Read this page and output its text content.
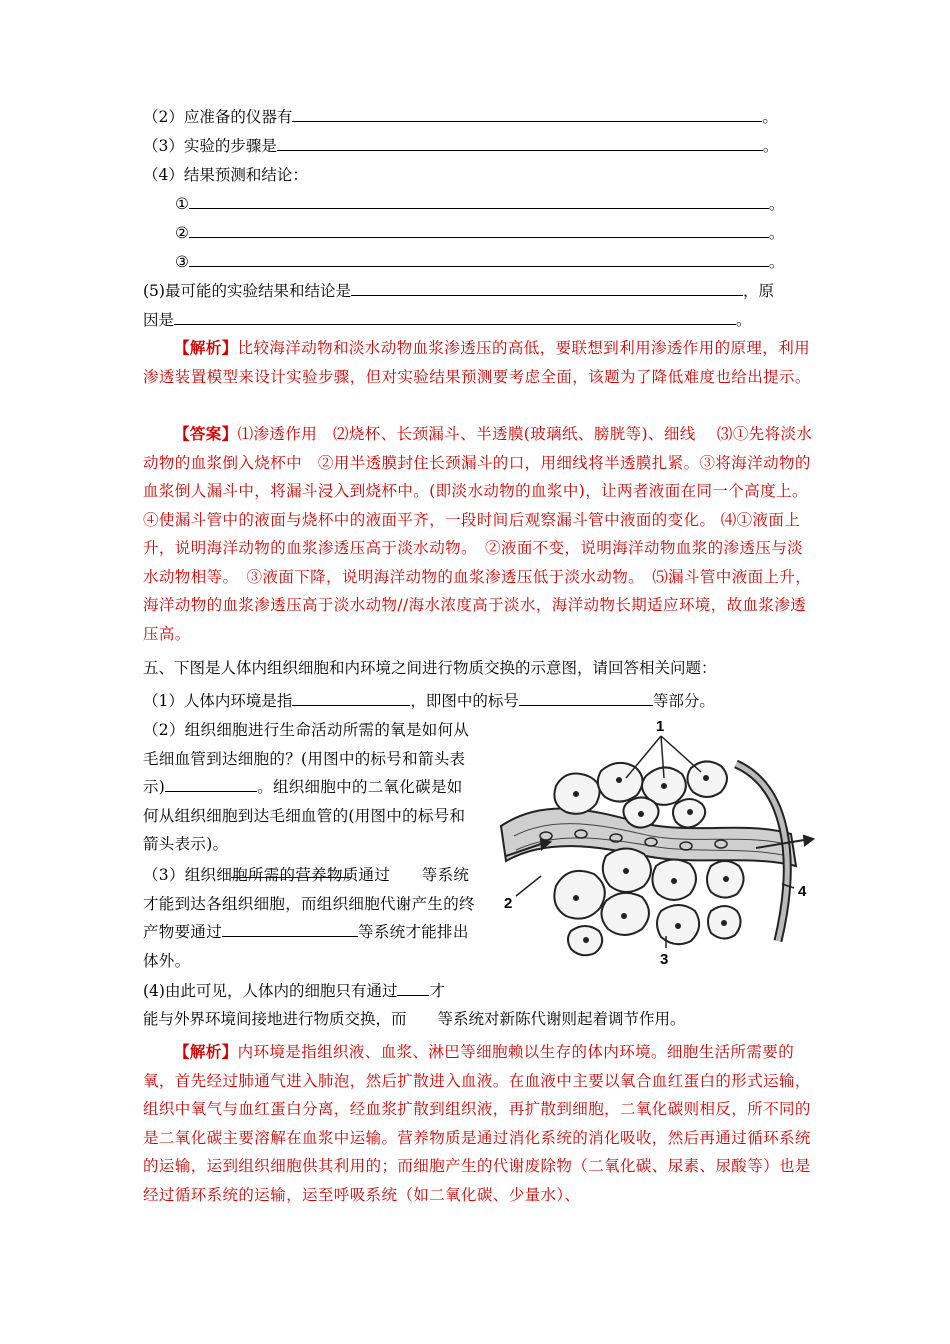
（2）应准备的仪器有	。
（3）实验的步骤是	。
（4）结果预测和结论：
①	。
②	。
③	。
(5)最可能的实验结果和结论是	，原
因是	。
【解析】比较海洋动物和淡水动物血浆渗透压的高低，要联想到利用渗透作用的原理，利用渗透装置模型来设计实验步骤，但对实验结果预测要考虑全面，该题为了降低难度也给出提示。
【答案】⑴渗透作用　⑵烧杯、长颈漏斗、半透膜(玻璃纸、膀胱等)、细线　 ⑶①先将淡水动物的血浆倒入烧杯中　②用半透膜封住长颈漏斗的口，用细线将半透膜扎紧。③将海洋动物的血浆倒人漏斗中，将漏斗浸入到烧杯中。(即淡水动物的血浆中)，让两者液面在同一个高度上。　④使漏斗管中的液面与烧杯中的液面平齐，一段时间后观察漏斗管中液面的变化。 ⑷①液面上升，说明海洋动物的血浆渗透压高于淡水动物。　②液面不变，说明海洋动物血浆的渗透压与淡水动物相等。　③液面下降，说明海洋动物的血浆渗透压低于淡水动物。　⑸漏斗管中液面上升，海洋动物的血浆渗透压高于淡水动物//海水浓度高于淡水，海洋动物长期适应环境，故血浆渗透压高。
五、下图是人体内组织细胞和内环境之间进行物质交换的示意图，请回答相关问题：
（1）人体内环境是指	，即图中的标号	等部分。
（2）组织细胞进行生命活动所需的氧是如何从毛细血管到达细胞的？(用图中的标号和箭头表示)	。组织细胞中的二氧化碳是如何从组织细胞到达毛细血管的(用图中的标号和箭头表示)。

（3）组织细胞所需的营养物质通过　　等系统才能到达各组织细胞，而组织细胞代谢产生的终产物要通过	等系统才能排出体外。
(4)由此可见，人体内的细胞只有通过 才
能与外界环境间接地进行物质交换，而　　等系统对新陈代谢则起着调节作用。
1
2
3
4
【解析】内环境是指组织液、血浆、淋巴等细胞赖以生存的体内环境。细胞生活所需要的氧，首先经过肺通气进入肺泡，然后扩散进入血液。在血液中主要以氧合血红蛋白的形式运输，组织中氧气与血红蛋白分离，经血浆扩散到组织液，再扩散到细胞，二氧化碳则相反，所不同的是二氧化碳主要溶解在血浆中运输。营养物质是通过消化系统的消化吸收，然后再通过循环系统的运输，运到组织细胞供其利用的；而细胞产生的代谢废除物（二氧化碳、尿素、尿酸等）也是经过循环系统的运输，运至呼吸系统（如二氧化碳、少量水）、
